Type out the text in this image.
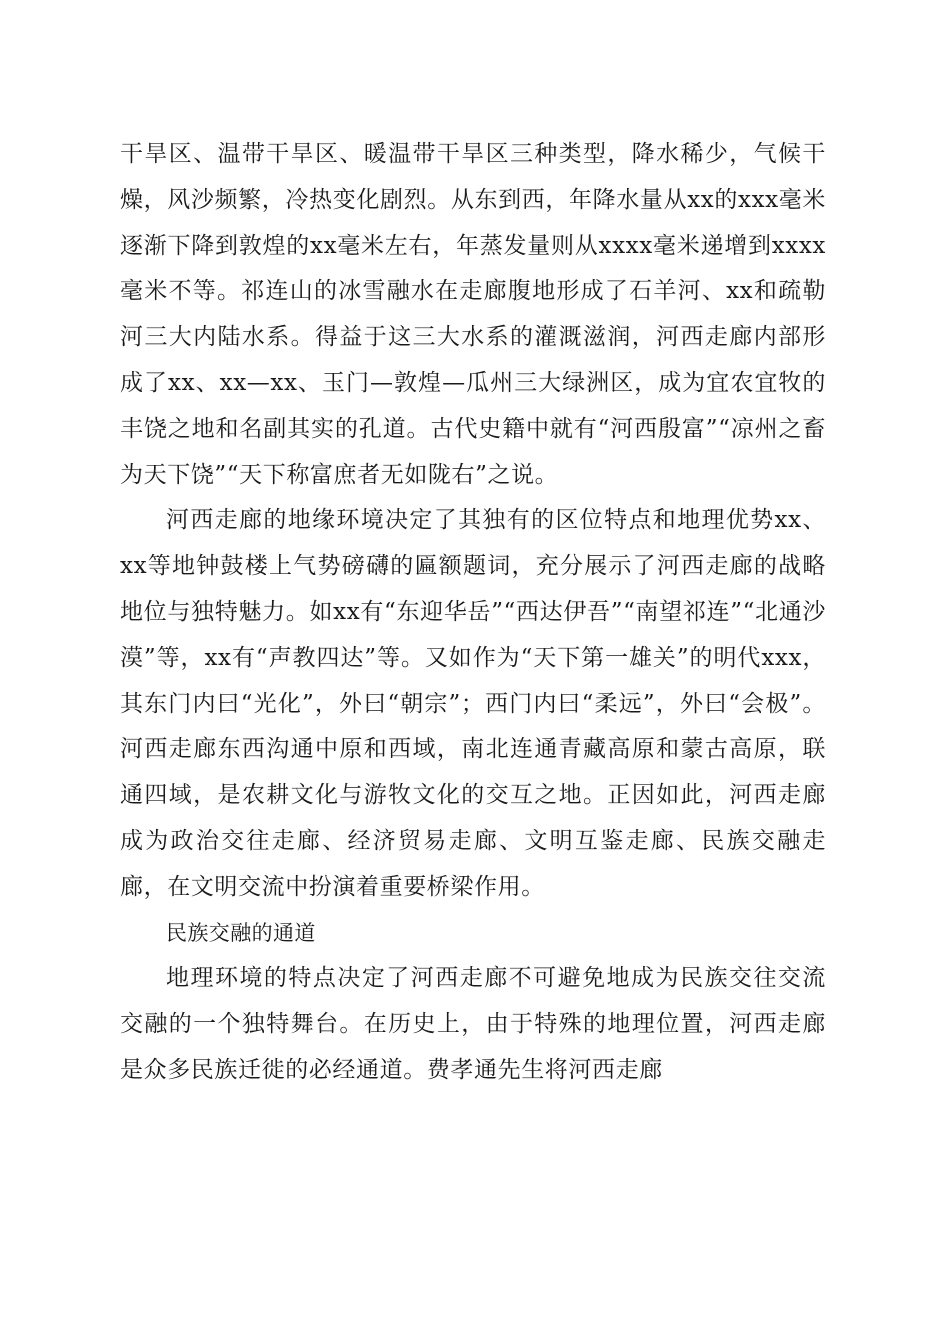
干旱区、温带干旱区、暖温带干旱区三种类型，降水稀少，气候干燥，风沙频繁，冷热变化剧烈。从东到西，年降水量从xx的xxx毫米逐渐下降到敦煌的xx毫米左右，年蒸发量则从xxxx毫米递增到xxxx毫米不等。祁连山的冰雪融水在走廊腹地形成了石羊河、xx和疏勒河三大内陆水系。得益于这三大水系的灌溉滋润，河西走廊内部形成了xx、xx—xx、玉门—敦煌—瓜州三大绿洲区，成为宜农宜牧的丰饶之地和名副其实的孔道。古代史籍中就有“河西殷富”“凉州之畜为天下饶”“天下称富庶者无如陇右”之说。

河西走廊的地缘环境决定了其独有的区位特点和地理优势xx、xx等地钟鼓楼上气势磅礴的匾额题词，充分展示了河西走廊的战略地位与独特魅力。如xx有“东迎华岳”“西达伊吾”“南望祁连”“北通沙漠”等，xx有“声教四达”等。又如作为“天下第一雄关”的明代xxx，其东门内曰“光化”，外曰“朝宗”；西门内曰“柔远”，外曰“会极”。河西走廊东西沟通中原和西域，南北连通青藏高原和蒙古高原，联通四域，是农耕文化与游牧文化的交互之地。正因如此，河西走廊成为政治交往走廊、经济贸易走廊、文明互鉴走廊、民族交融走廊，在文明交流中扮演着重要桥梁作用。

民族交融的通道

地理环境的特点决定了河西走廊不可避免地成为民族交往交流交融的一个独特舞台。在历史上，由于特殊的地理位置，河西走廊是众多民族迁徙的必经通道。费孝通先生将河西走廊
